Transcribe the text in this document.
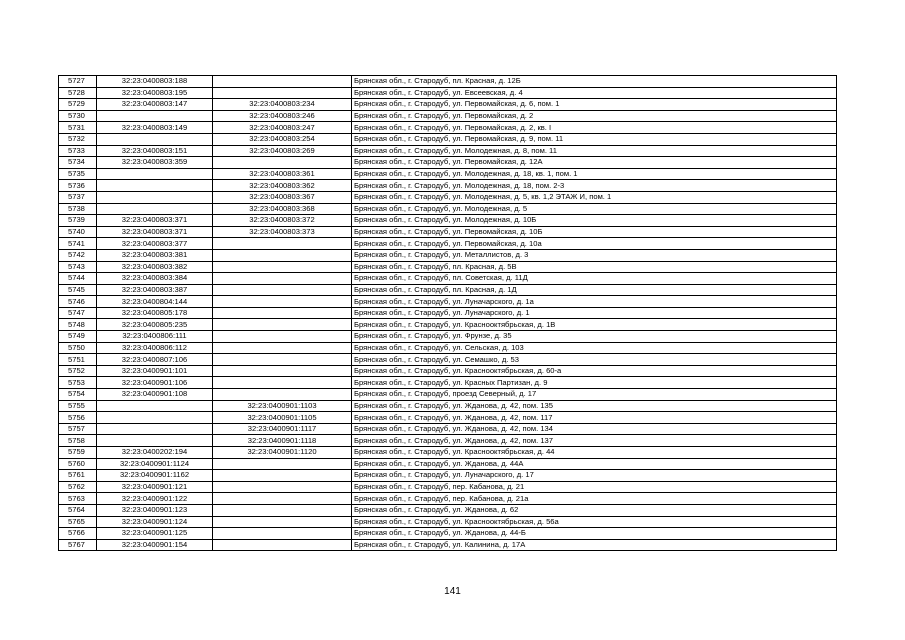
5727	32:23:0400803:188		Брянская обл., г. Стародуб, пл. Красная, д. 12Б
5728	32:23:0400803:195		Брянская обл., г. Стародуб, ул. Евсеевская, д. 4
5729	32:23:0400803:147	32:23:0400803:234	Брянская обл., г. Стародуб, ул. Первомайская, д. 6, пом. 1
5730		32:23:0400803:246	Брянская обл., г. Стародуб, ул. Первомайская, д. 2
5731	32:23:0400803:149	32:23:0400803:247	Брянская обл., г. Стародуб, ул. Первомайская, д. 2, кв. I
5732		32:23:0400803:254	Брянская обл., г. Стародуб, ул. Первомайская, д. 9, пом. 11
5733	32:23:0400803:151	32:23:0400803:269	Брянская обл., г. Стародуб, ул. Молодежная, д. 8, пом. 11
5734	32:23:0400803:359		Брянская обл., г. Стародуб, ул. Первомайская, д. 12А
5735		32:23:0400803:361	Брянская обл., г. Стародуб, ул. Молодежная, д. 18, кв. 1, пом. 1
5736		32:23:0400803:362	Брянская обл., г. Стародуб, ул. Молодежная, д. 18, пом. 2-3
5737		32:23:0400803:367	Брянская обл., г. Стародуб, ул. Молодежная, д. 5, кв. 1,2 ЭТАЖ И, пом. 1
5738		32:23:0400803:368	Брянская обл., г. Стародуб, ул. Молодежная, д. 5
5739	32:23:0400803:371	32:23:0400803:372	Брянская обл., г. Стародуб, ул. Молодежная, д. 10Б
5740	32:23:0400803:371	32:23:0400803:373	Брянская обл., г. Стародуб, ул. Первомайская, д. 10Б
5741	32:23:0400803:377		Брянская обл., г. Стародуб, ул. Первомайская, д. 10а
5742	32:23:0400803:381		Брянская обл., г. Стародуб, ул. Металлистов, д. 3
5743	32:23:0400803:382		Брянская обл., г. Стародуб, пл. Красная, д. 5В
5744	32:23:0400803:384		Брянская обл., г. Стародуб, пл. Советская, д. 11Д
5745	32:23:0400803:387		Брянская обл., г. Стародуб, пл. Красная, д. 1Д
5746	32:23:0400804:144		Брянская обл., г. Стародуб, ул. Луначарского, д. 1а
5747	32:23:0400805:178		Брянская обл., г. Стародуб, ул. Луначарского, д. 1
5748	32:23:0400805:235		Брянская обл., г. Стародуб, ул. Краснооктябрьская, д. 1В
5749	32:23:0400806:111		Брянская обл., г. Стародуб, ул. Фрунзе, д. 35
5750	32:23:0400806:112		Брянская обл., г. Стародуб, ул. Сельская, д. 103
5751	32:23:0400807:106		Брянская обл., г. Стародуб, ул. Семашко, д. 53
5752	32:23:0400901:101		Брянская обл., г. Стародуб, ул. Краснооктябрьская, д. 60-а
5753	32:23:0400901:106		Брянская обл., г. Стародуб, ул. Красных Партизан, д. 9
5754	32:23:0400901:108		Брянская обл., г. Стародуб, проезд Северный, д. 17
5755		32:23:0400901:1103	Брянская обл., г. Стародуб, ул. Жданова, д. 42, пом. 135
5756		32:23:0400901:1105	Брянская обл., г. Стародуб, ул. Жданова, д. 42, пом. 117
5757		32:23:0400901:1117	Брянская обл., г. Стародуб, ул. Жданова, д. 42, пом. 134
5758		32:23:0400901:1118	Брянская обл., г. Стародуб, ул. Жданова, д. 42, пом. 137
5759	32:23:0400202:194	32:23:0400901:1120	Брянская обл., г. Стародуб, ул. Краснооктябрьская, д. 44
5760	32:23:0400901:1124		Брянская обл., г. Стародуб, ул. Жданова, д. 44А
5761	32:23:0400901:1162		Брянская обл., г. Стародуб, ул. Луначарского, д. 17
5762	32:23:0400901:121		Брянская обл., г. Стародуб, пер. Кабанова, д. 21
5763	32:23:0400901:122		Брянская обл., г. Стародуб, пер. Кабанова, д. 21а
5764	32:23:0400901:123		Брянская обл., г. Стародуб, ул. Жданова, д. 62
5765	32:23:0400901:124		Брянская обл., г. Стародуб, ул. Краснооктябрьская, д. 56а
5766	32:23:0400901:125		Брянская обл., г. Стародуб, ул. Жданова, д. 44-Б
5767	32:23:0400901:154		Брянская обл., г. Стародуб, ул. Калинина, д. 17А
141
